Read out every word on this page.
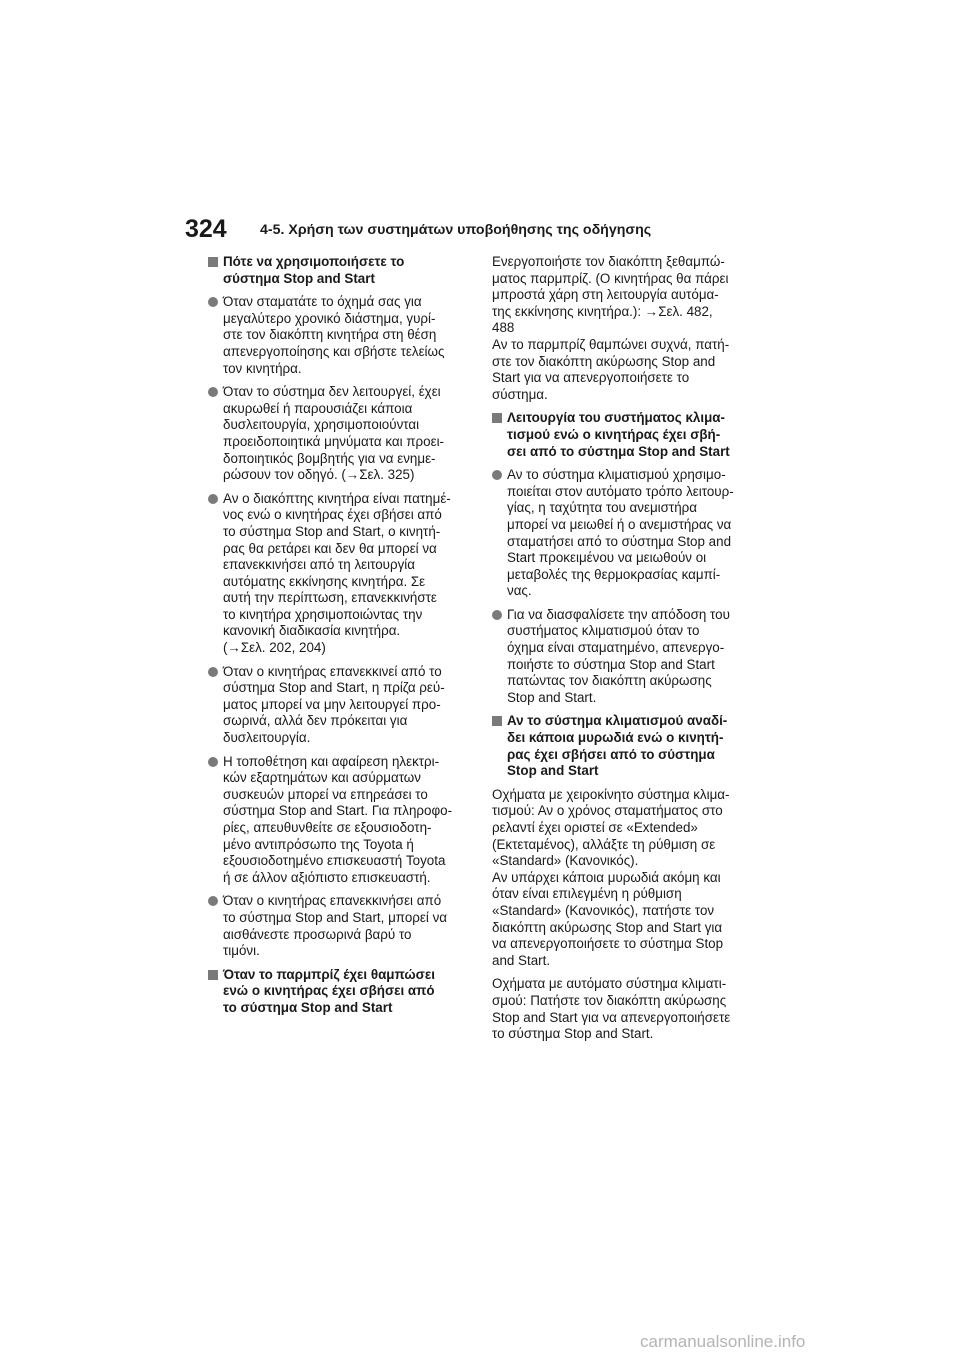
324 4-5. Χρήση των συστημάτων υποβοήθησης της οδήγησης
Πότε να χρησιμοποιήσετε το
σύστημα Stop and Start
Όταν σταματάτε το όχημά σας για
μεγαλύτερο χρονικό διάστημα, γυρί-
στε τον διακόπτη κινητήρα στη θέση
απενεργοποίησης και σβήστε τελείως
τον κινητήρα.
Όταν το σύστημα δεν λειτουργεί, έχει
ακυρωθεί ή παρουσιάζει κάποια
δυσλειτουργία, χρησιμοποιούνται
προειδοποιητικά μηνύματα και προει-
δοποιητικός βομβητής για να ενημε-
ρώσουν τον οδηγό. (→Σελ. 325)
Αν ο διακόπτης κινητήρα είναι πατημέ-
νος ενώ ο κινητήρας έχει σβήσει από
το σύστημα Stop and Start, ο κινητή-
ρας θα ρετάρει και δεν θα μπορεί να
επανεκκινήσει από τη λειτουργία
αυτόματης εκκίνησης κινητήρα. Σε
αυτή την περίπτωση, επανεκκινήστε
το κινητήρα χρησιμοποιώντας την
κανονική διαδικασία κινητήρα.
(→Σελ. 202, 204)
Όταν ο κινητήρας επανεκκινεί από το
σύστημα Stop and Start, η πρίζα ρεύ-
ματος μπορεί να μην λειτουργεί προ-
σωρινά, αλλά δεν πρόκειται για
δυσλειτουργία.
Η τοποθέτηση και αφαίρεση ηλεκτρι-
κών εξαρτημάτων και ασύρματων
συσκευών μπορεί να επηρεάσει το
σύστημα Stop and Start. Για πληροφο-
ρίες, απευθυνθείτε σε εξουσιοδοτη-
μένο αντιπρόσωπο της Toyota ή
εξουσιοδοτημένο επισκευαστή Toyota
ή σε άλλον αξιόπιστο επισκευαστή.
Όταν ο κινητήρας επανεκκινήσει από
το σύστημα Stop and Start, μπορεί να
αισθάνεστε προσωρινά βαρύ το
τιμόνι.
Όταν το παρμπρίζ έχει θαμπώσει
ενώ ο κινητήρας έχει σβήσει από
το σύστημα Stop and Start
Ενεργοποιήστε τον διακόπτη ξεθαμπώ-
ματος παρμπρίζ. (Ο κινητήρας θα πάρει
μπροστά χάρη στη λειτουργία αυτόμα-
της εκκίνησης κινητήρα.): →Σελ. 482,
488
Αν το παρμπρίζ θαμπώνει συχνά, πατή-
στε τον διακόπτη ακύρωσης Stop and
Start για να απενεργοποιήσετε το
σύστημα.
Λειτουργία του συστήματος κλιμα-
τισμού ενώ ο κινητήρας έχει σβή-
σει από το σύστημα Stop and Start
Αν το σύστημα κλιματισμού χρησιμο-
ποιείται στον αυτόματο τρόπο λειτουρ-
γίας, η ταχύτητα του ανεμιστήρα
μπορεί να μειωθεί ή ο ανεμιστήρας να
σταματήσει από το σύστημα Stop and
Start προκειμένου να μειωθούν οι
μεταβολές της θερμοκρασίας καμπί-
νας.
Για να διασφαλίσετε την απόδοση του
συστήματος κλιματισμού όταν το
όχημα είναι σταματημένο, απενεργο-
ποιήστε το σύστημα Stop and Start
πατώντας τον διακόπτη ακύρωσης
Stop and Start.
Αν το σύστημα κλιματισμού αναδί-
δει κάποια μυρωδιά ενώ ο κινητή-
ρας έχει σβήσει από το σύστημα
Stop and Start
Οχήματα με χειροκίνητο σύστημα κλιμα-
τισμού: Αν ο χρόνος σταματήματος στο
ρελαντί έχει οριστεί σε «Extended»
(Εκτεταμένος), αλλάξτε τη ρύθμιση σε
«Standard» (Κανονικός).
Αν υπάρχει κάποια μυρωδιά ακόμη και
όταν είναι επιλεγμένη η ρύθμιση
«Standard» (Κανονικός), πατήστε τον
διακόπτη ακύρωσης Stop and Start για
να απενεργοποιήσετε το σύστημα Stop
and Start.
Οχήματα με αυτόματο σύστημα κλιματι-
σμού: Πατήστε τον διακόπτη ακύρωσης
Stop and Start για να απενεργοποιήσετε
το σύστημα Stop and Start.
carmanualsonline.info
